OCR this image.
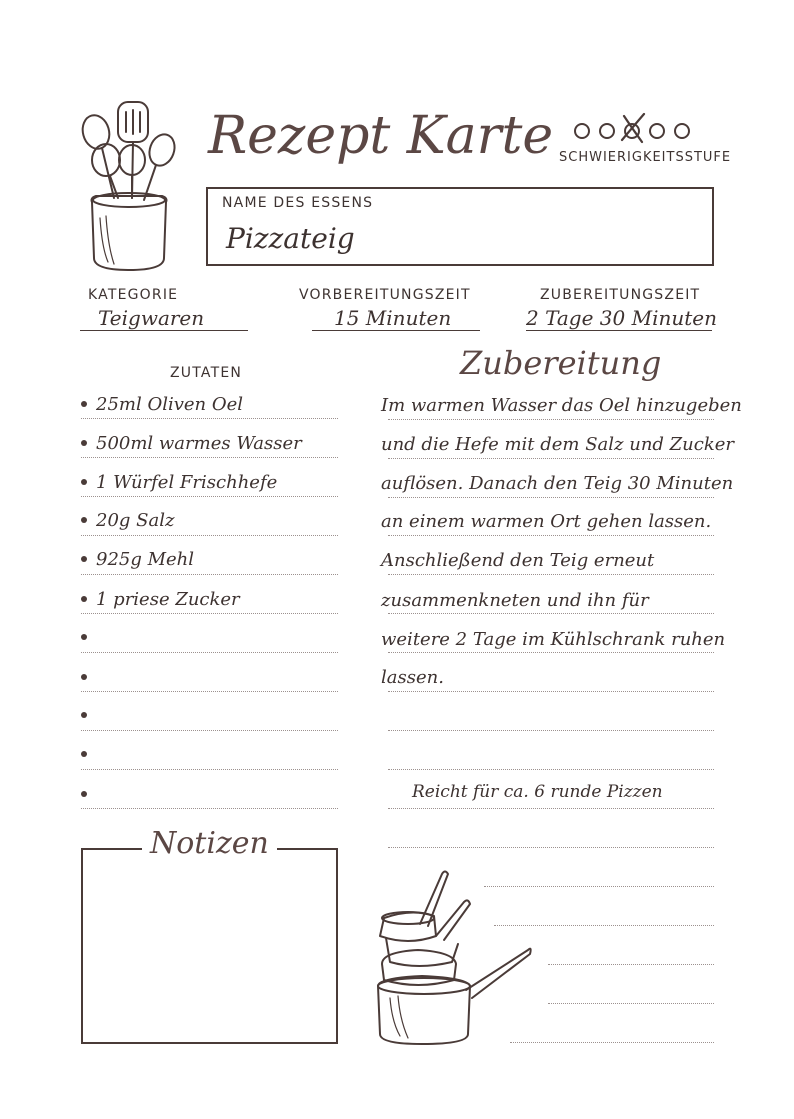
Rezept Karte SCHWIERIGKEITSSTUFE
NAME DES ESSENS
Pizzateig
KATEGORIE
Teigwaren
VORBEREITUNGSZEIT
15 Minuten
ZUBEREITUNGSZEIT
2 Tage 30 Minuten
ZUTATEN
25ml Oliven Oel
500ml warmes Wasser
1 Würfel Frischhefe
20g Salz
925g Mehl
1 priese Zucker
Zubereitung
Im warmen Wasser das Oel hinzugeben
und die Hefe mit dem Salz und Zucker
auflösen. Danach den Teig 30 Minuten
an einem warmen Ort gehen lassen.
Anschließend den Teig erneut
zusammenkneten und ihn für
weitere 2 Tage im Kühlschrank ruhen
lassen.
Reicht für ca. 6 runde Pizzen
Notizen
